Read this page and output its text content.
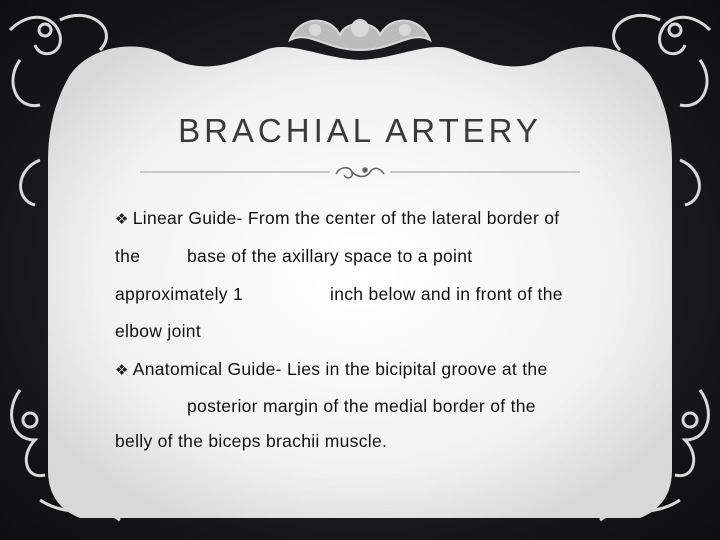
BRACHIAL ARTERY
❖ Linear Guide- From the center of the lateral border of
the	base of the axillary space to a point
approximately 1	inch below and in front of the
elbow joint
❖ Anatomical Guide- Lies in the bicipital groove at the
posterior margin of the medial border of the
belly of the biceps brachii muscle.
